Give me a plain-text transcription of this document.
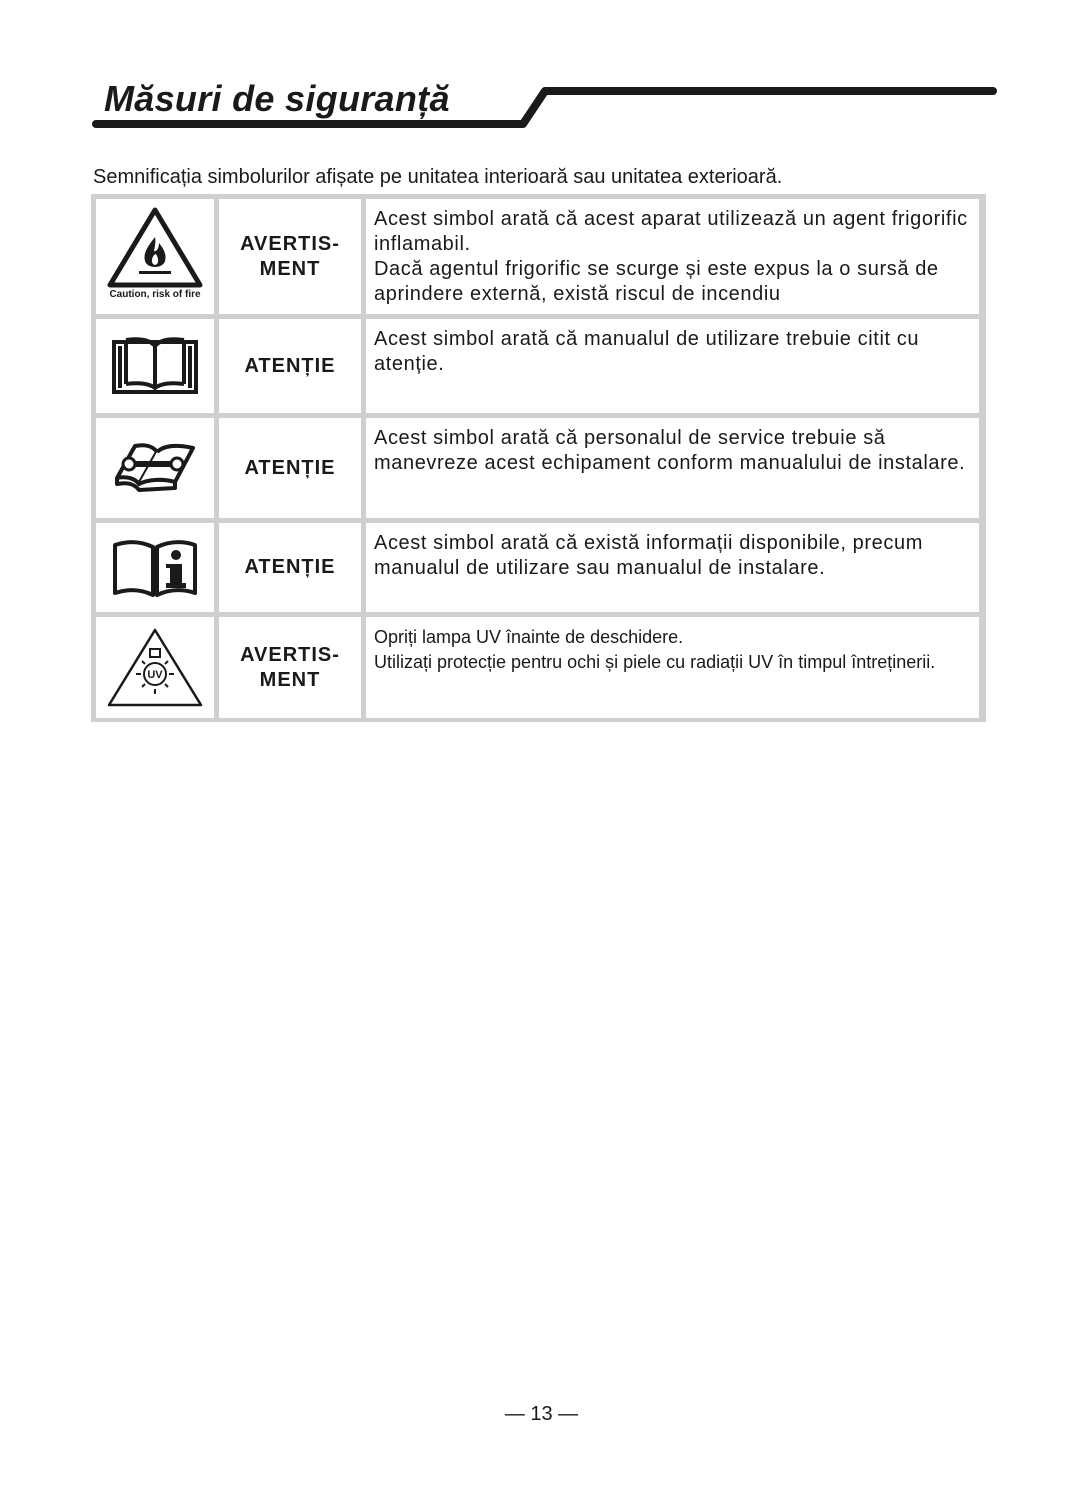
Măsuri de siguranță
Semnificația simbolurilor afișate pe unitatea interioară sau unitatea exterioară.
Caution, risk of fire
AVERTIS-
MENT

Acest simbol arată că acest aparat utilizează un agent frigorific inflamabil.

Dacă agentul frigorific se scurge și este expus la o sursă de aprindere externă, există riscul de incendiu

ATENȚIE

Acest simbol arată că manualul de utilizare trebuie citit cu atenție.

ATENȚIE

Acest simbol arată că personalul de service trebuie să manevreze acest echipament conform manualului de instalare.

ATENȚIE

Acest simbol arată că există informații disponibile, precum manualul de utilizare sau manualul de instalare.

UV
AVERTIS-
MENT

Opriți lampa UV înainte de deschidere.

Utilizați protecție pentru ochi și piele cu radiații UV în timpul întreținerii.

— 13 —
